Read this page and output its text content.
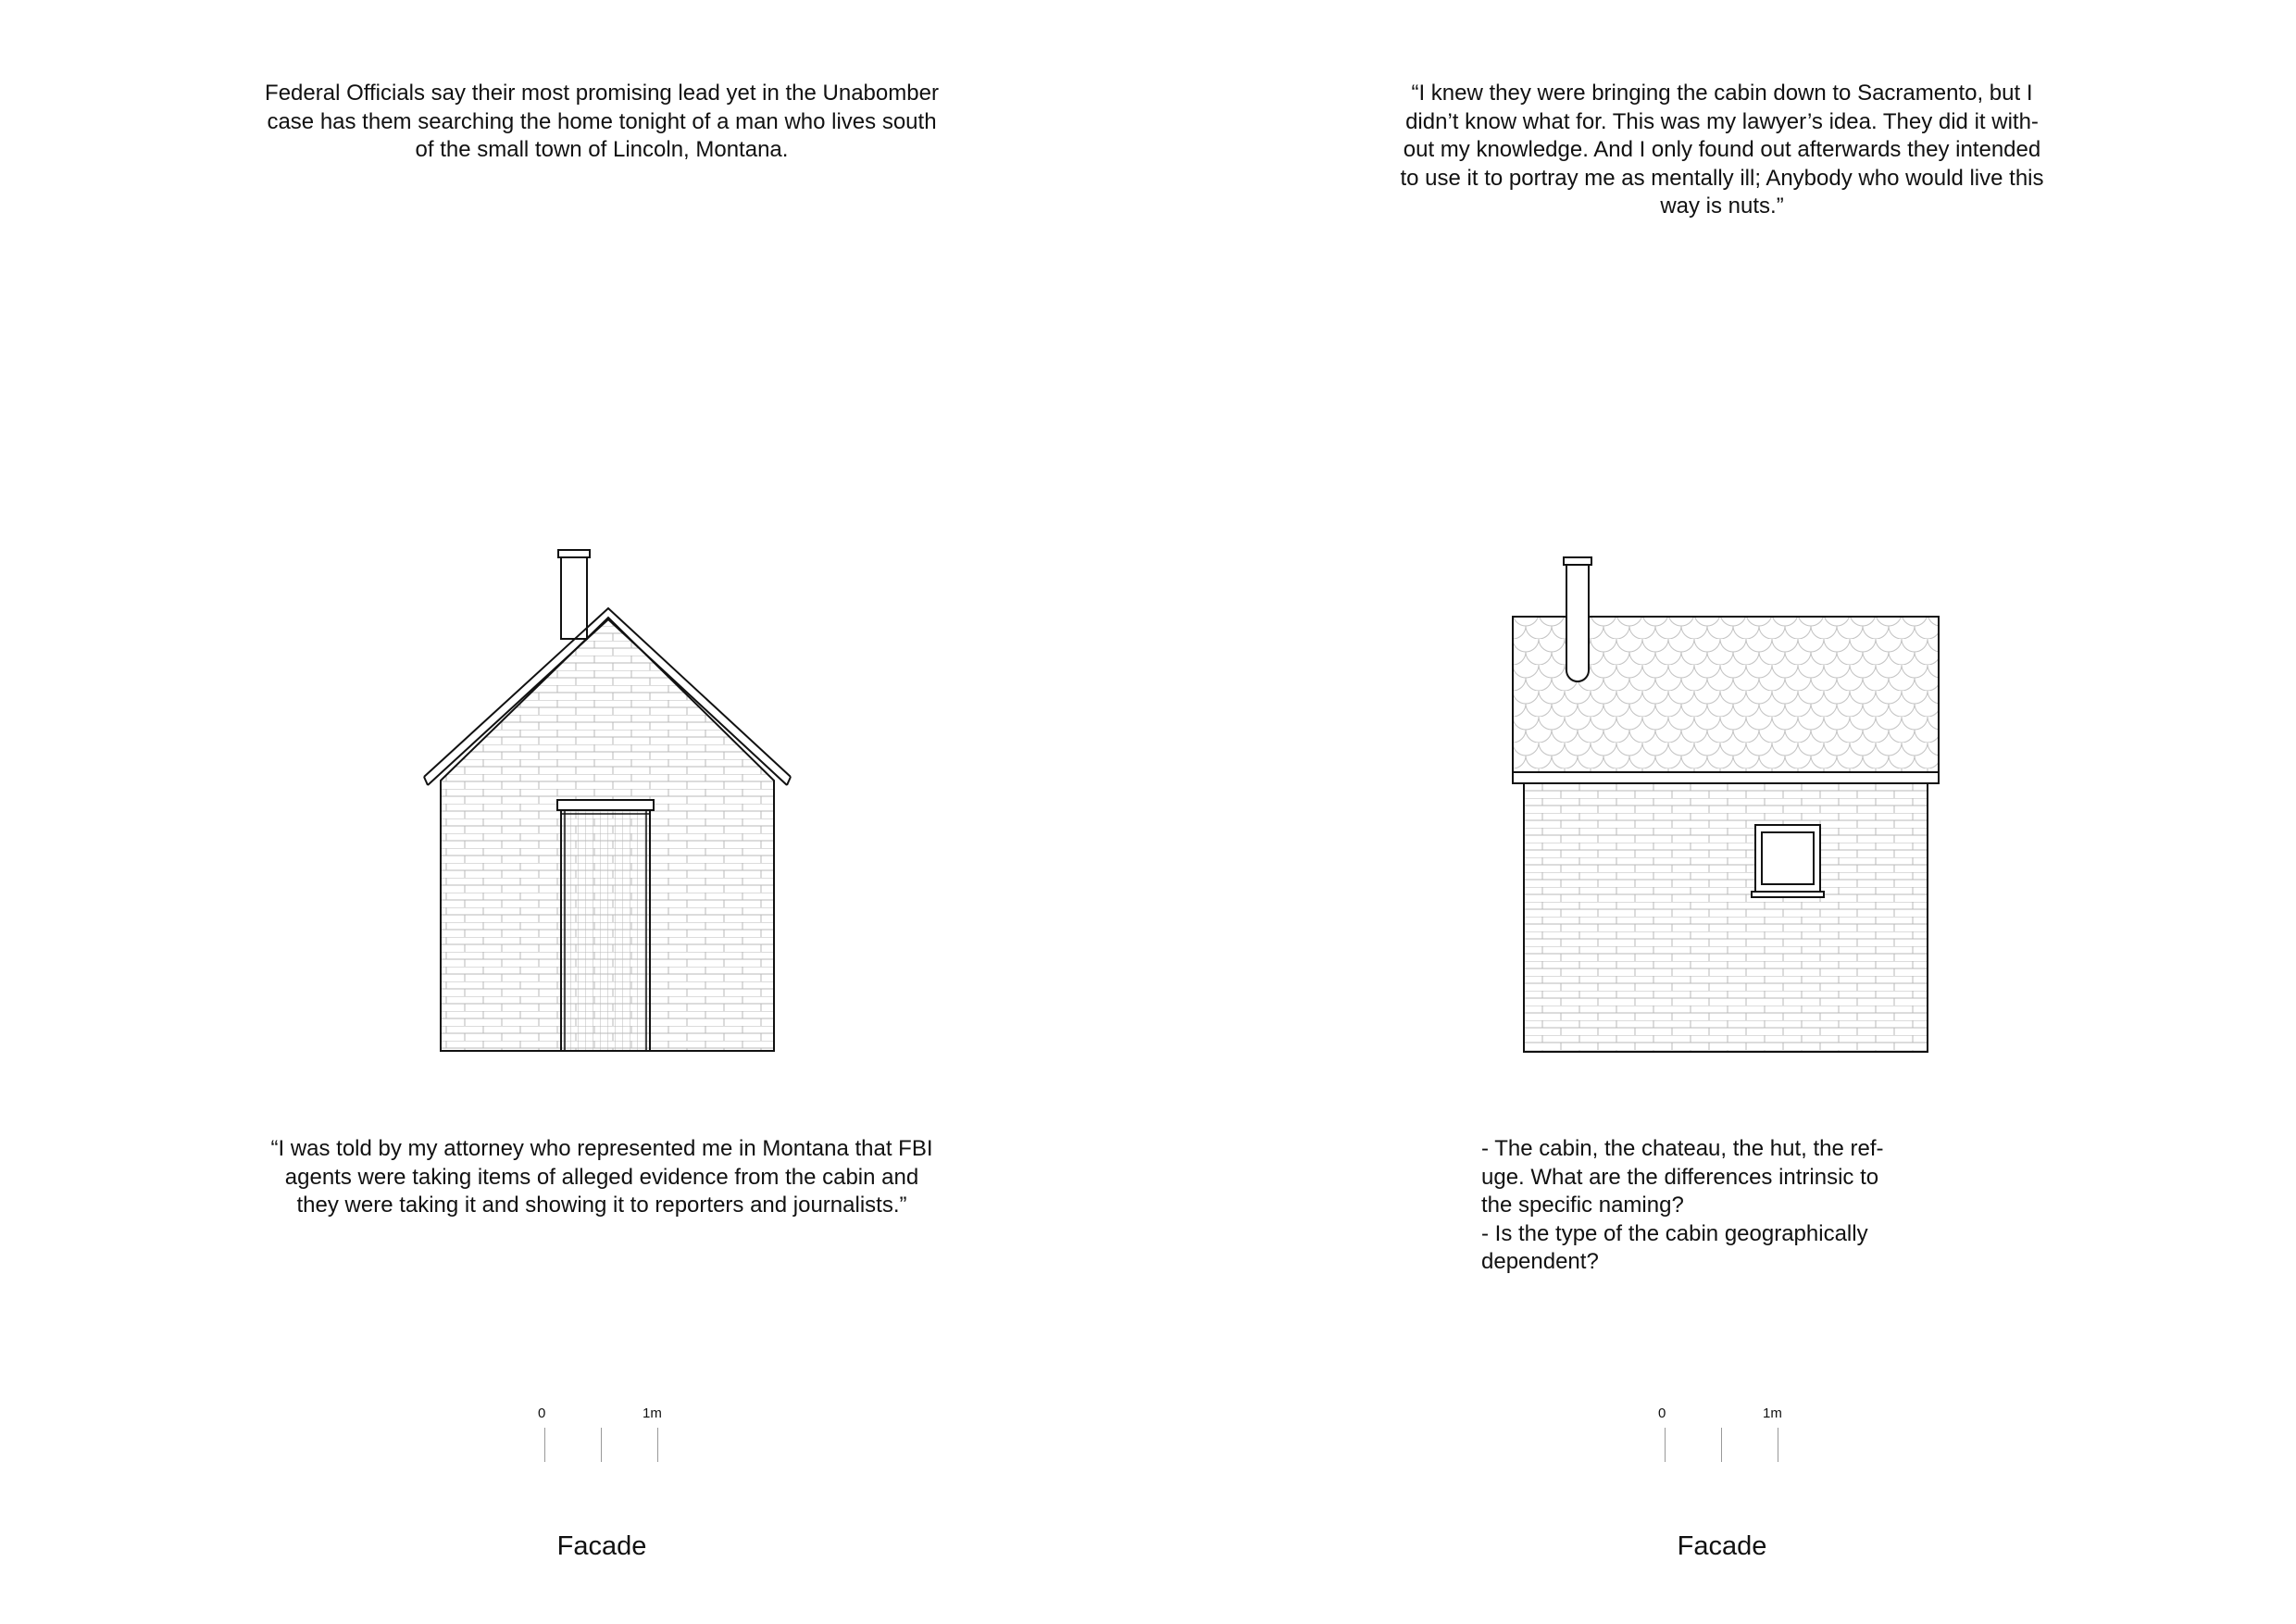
Federal Officials say their most promising lead yet in the Unabomber
case has them searching the home tonight of a man who lives south
of the small town of Lincoln, Montana.

“I knew they were bringing the cabin down to Sacramento, but I
didn’t know what for. This was my lawyer’s idea. They did it with-
out my knowledge. And I only found out afterwards they intended
to use it to portray me as mentally ill; Anybody who would live this
way is nuts.”

“I was told by my attorney who represented me in Montana that FBI
agents were taking items of alleged evidence from the cabin and
they were taking it and showing it to reporters and journalists.”

- The cabin, the chateau, the hut, the ref-
uge. What are the differences intrinsic to
the specific naming?
- Is the type of the cabin geographically
dependent?

0	1m
Facade
0	1m
Facade
